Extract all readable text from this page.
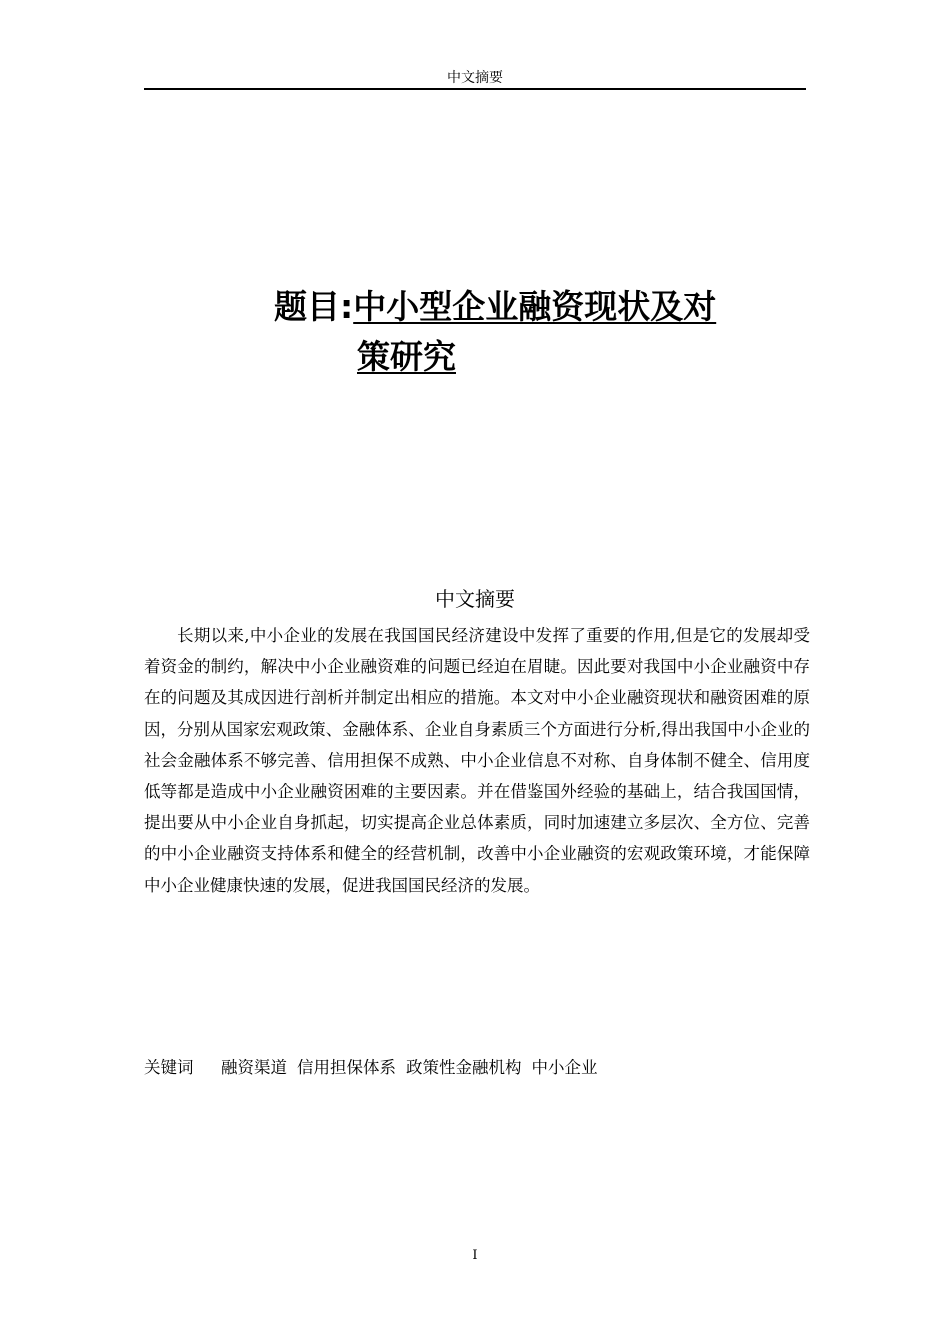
中文摘要
题目:中小型企业融资现状及对
策研究
中文摘要

长期以来,中小企业的发展在我国国民经济建设中发挥了重要的作用,但是它的发展却受着资金的制约，解决中小企业融资难的问题已经迫在眉睫。因此要对我国中小企业融资中存在的问题及其成因进行剖析并制定出相应的措施。本文对中小企业融资现状和融资困难的原因，分别从国家宏观政策、金融体系、企业自身素质三个方面进行分析,得出我国中小企业的社会金融体系不够完善、信用担保不成熟、中小企业信息不对称、自身体制不健全、信用度低等都是造成中小企业融资困难的主要因素。并在借鉴国外经验的基础上，结合我国国情，提出要从中小企业自身抓起，切实提高企业总体素质，同时加速建立多层次、全方位、完善的中小企业融资支持体系和健全的经营机制，改善中小企业融资的宏观政策环境，才能保障中小企业健康快速的发展，促进我国国民经济的发展。

关键词	融资渠道 信用担保体系 政策性金融机构 中小企业
I
